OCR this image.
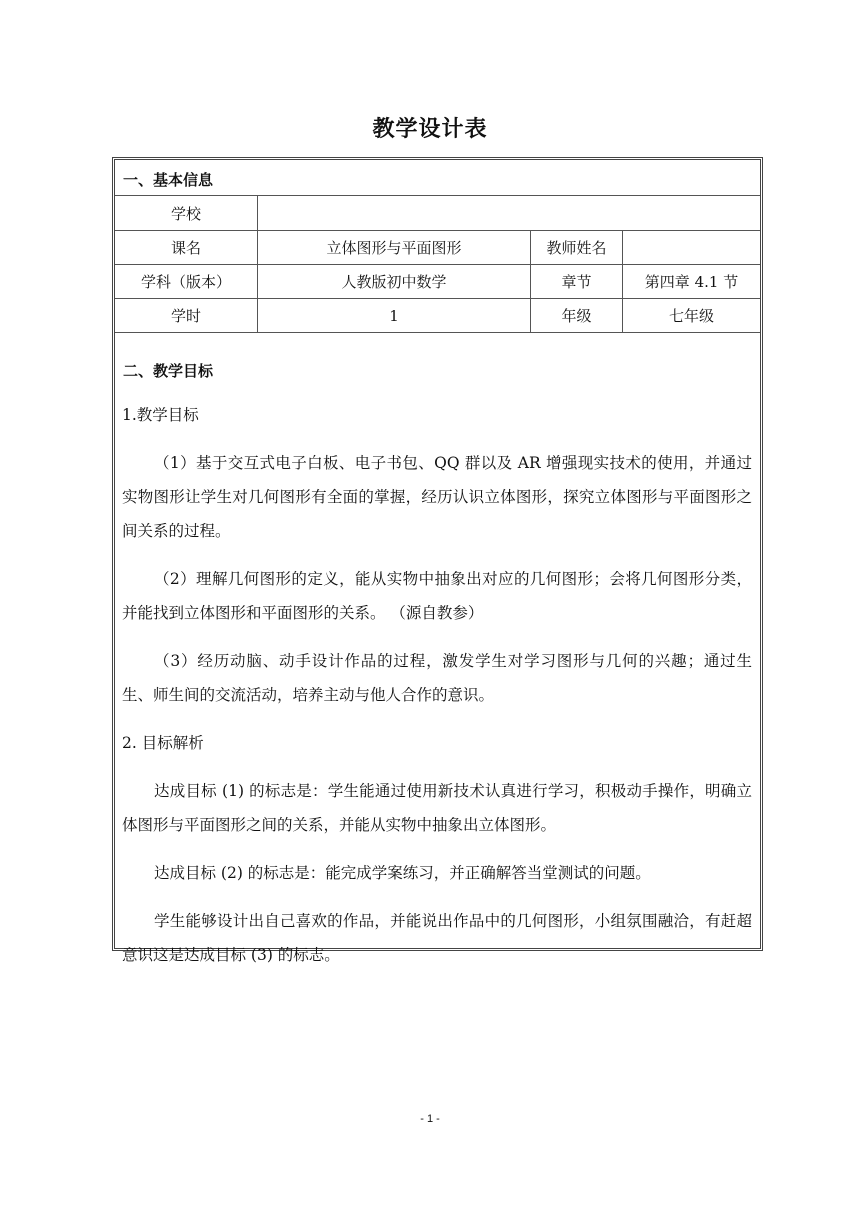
教学设计表
一、基本信息
学校
课名	立体图形与平面图形	教师姓名
学科（版本）	人教版初中数学	章节	第四章 4.1 节
学时	1	年级	七年级
二、教学目标

1.教学目标

（1）基于交互式电子白板、电子书包、QQ 群以及 AR 增强现实技术的使用，并通过实物图形让学生对几何图形有全面的掌握，经历认识立体图形，探究立体图形与平面图形之间关系的过程。

（2）理解几何图形的定义，能从实物中抽象出对应的几何图形；会将几何图形分类，并能找到立体图形和平面图形的关系。 （源自教参）

（3）经历动脑、动手设计作品的过程，激发学生对学习图形与几何的兴趣；通过生生、师生间的交流活动，培养主动与他人合作的意识。

2. 目标解析

达成目标 (1) 的标志是：学生能通过使用新技术认真进行学习，积极动手操作，明确立体图形与平面图形之间的关系，并能从实物中抽象出立体图形。

达成目标 (2) 的标志是：能完成学案练习，并正确解答当堂测试的问题。

学生能够设计出自己喜欢的作品，并能说出作品中的几何图形，小组氛围融洽，有赶超意识这是达成目标 (3) 的标志。

- 1 -
